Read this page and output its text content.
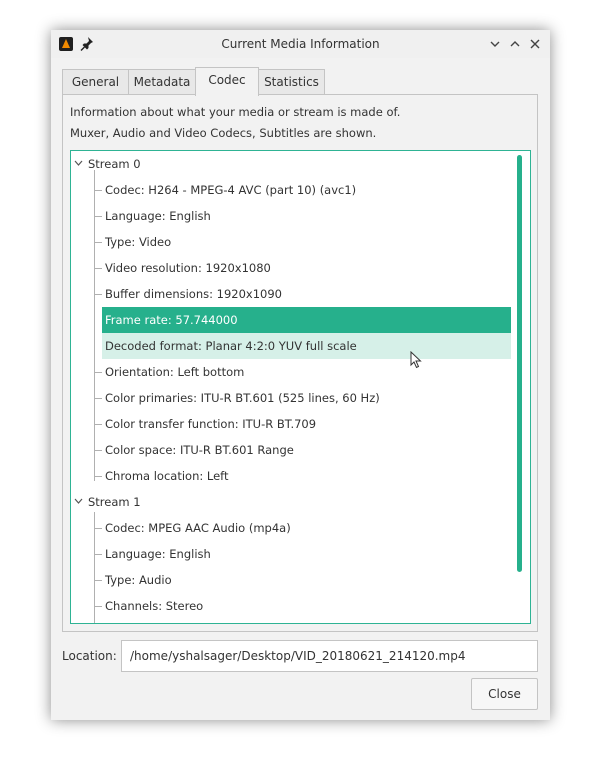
Current Media Information
General	Metadata	Codec	Statistics
Information about what your media or stream is made of.
Muxer, Audio and Video Codecs, Subtitles are shown.
Stream 0
Codec: H264 - MPEG-4 AVC (part 10) (avc1)
Language: English
Type: Video
Video resolution: 1920x1080
Buffer dimensions: 1920x1090
Frame rate: 57.744000
Decoded format: Planar 4:2:0 YUV full scale
Orientation: Left bottom
Color primaries: ITU-R BT.601 (525 lines, 60 Hz)
Color transfer function: ITU-R BT.709
Color space: ITU-R BT.601 Range
Chroma location: Left
Stream 1
Codec: MPEG AAC Audio (mp4a)
Language: English
Type: Audio
Channels: Stereo
Location:	/home/yshalsager/Desktop/VID_20180621_214120.mp4
Close
